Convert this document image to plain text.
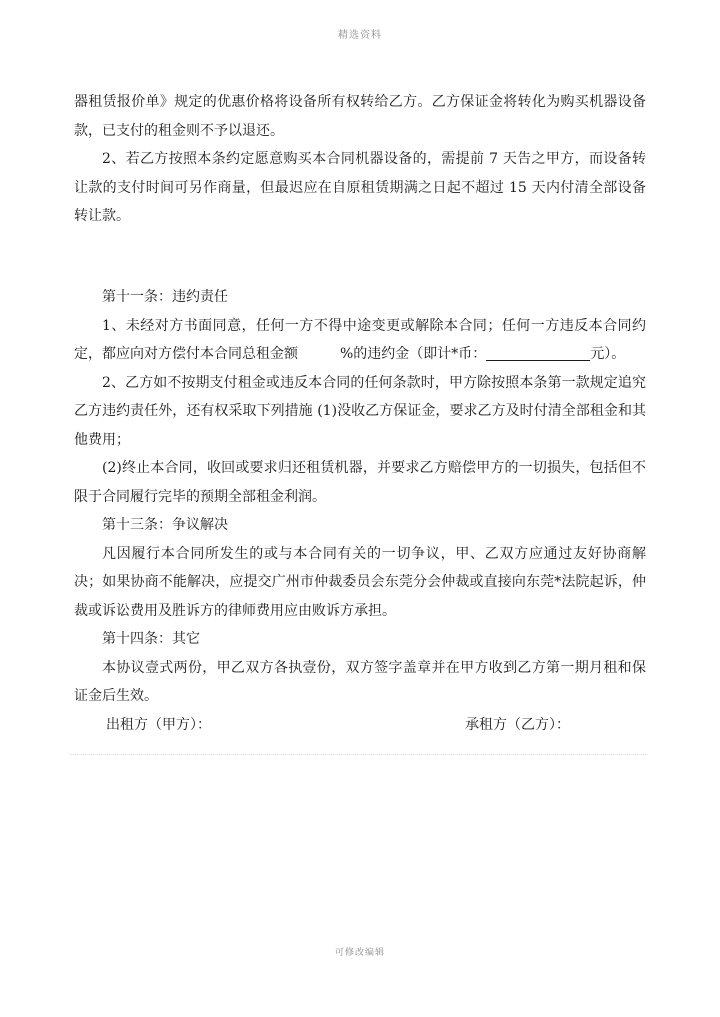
精选资料

器租赁报价单》规定的优惠价格将设备所有权转给乙方。乙方保证金将转化为购买机器设备款，已支付的租金则不予以退还。

2、若乙方按照本条约定愿意购买本合同机器设备的，需提前 7 天告之甲方，而设备转让款的支付时间可另作商量，但最迟应在自原租赁期满之日起不超过 15 天内付清全部设备转让款。

第十一条：违约责任

1、未经对方书面同意，任何一方不得中途变更或解除本合同；任何一方违反本合同约定，都应向对方偿付本合同总租金额	%的违约金（即计*币：	元）。

2、乙方如不按期支付租金或违反本合同的任何条款时，甲方除按照本条第一款规定追究乙方违约责任外，还有权采取下列措施 (1)没收乙方保证金，要求乙方及时付清全部租金和其他费用；

(2)终止本合同，收回或要求归还租赁机器，并要求乙方赔偿甲方的一切损失，包括但不限于合同履行完毕的预期全部租金利润。

第十三条：争议解决

凡因履行本合同所发生的或与本合同有关的一切争议，甲、乙双方应通过友好协商解决；如果协商不能解决，应提交广州市仲裁委员会东莞分会仲裁或直接向东莞*法院起诉，仲裁或诉讼费用及胜诉方的律师费用应由败诉方承担。

第十四条：其它

本协议壹式两份，甲乙双方各执壹份，双方签字盖章并在甲方收到乙方第一期月租和保证金后生效。

出租方（甲方）：	承租方（乙方）：
可修改编辑
